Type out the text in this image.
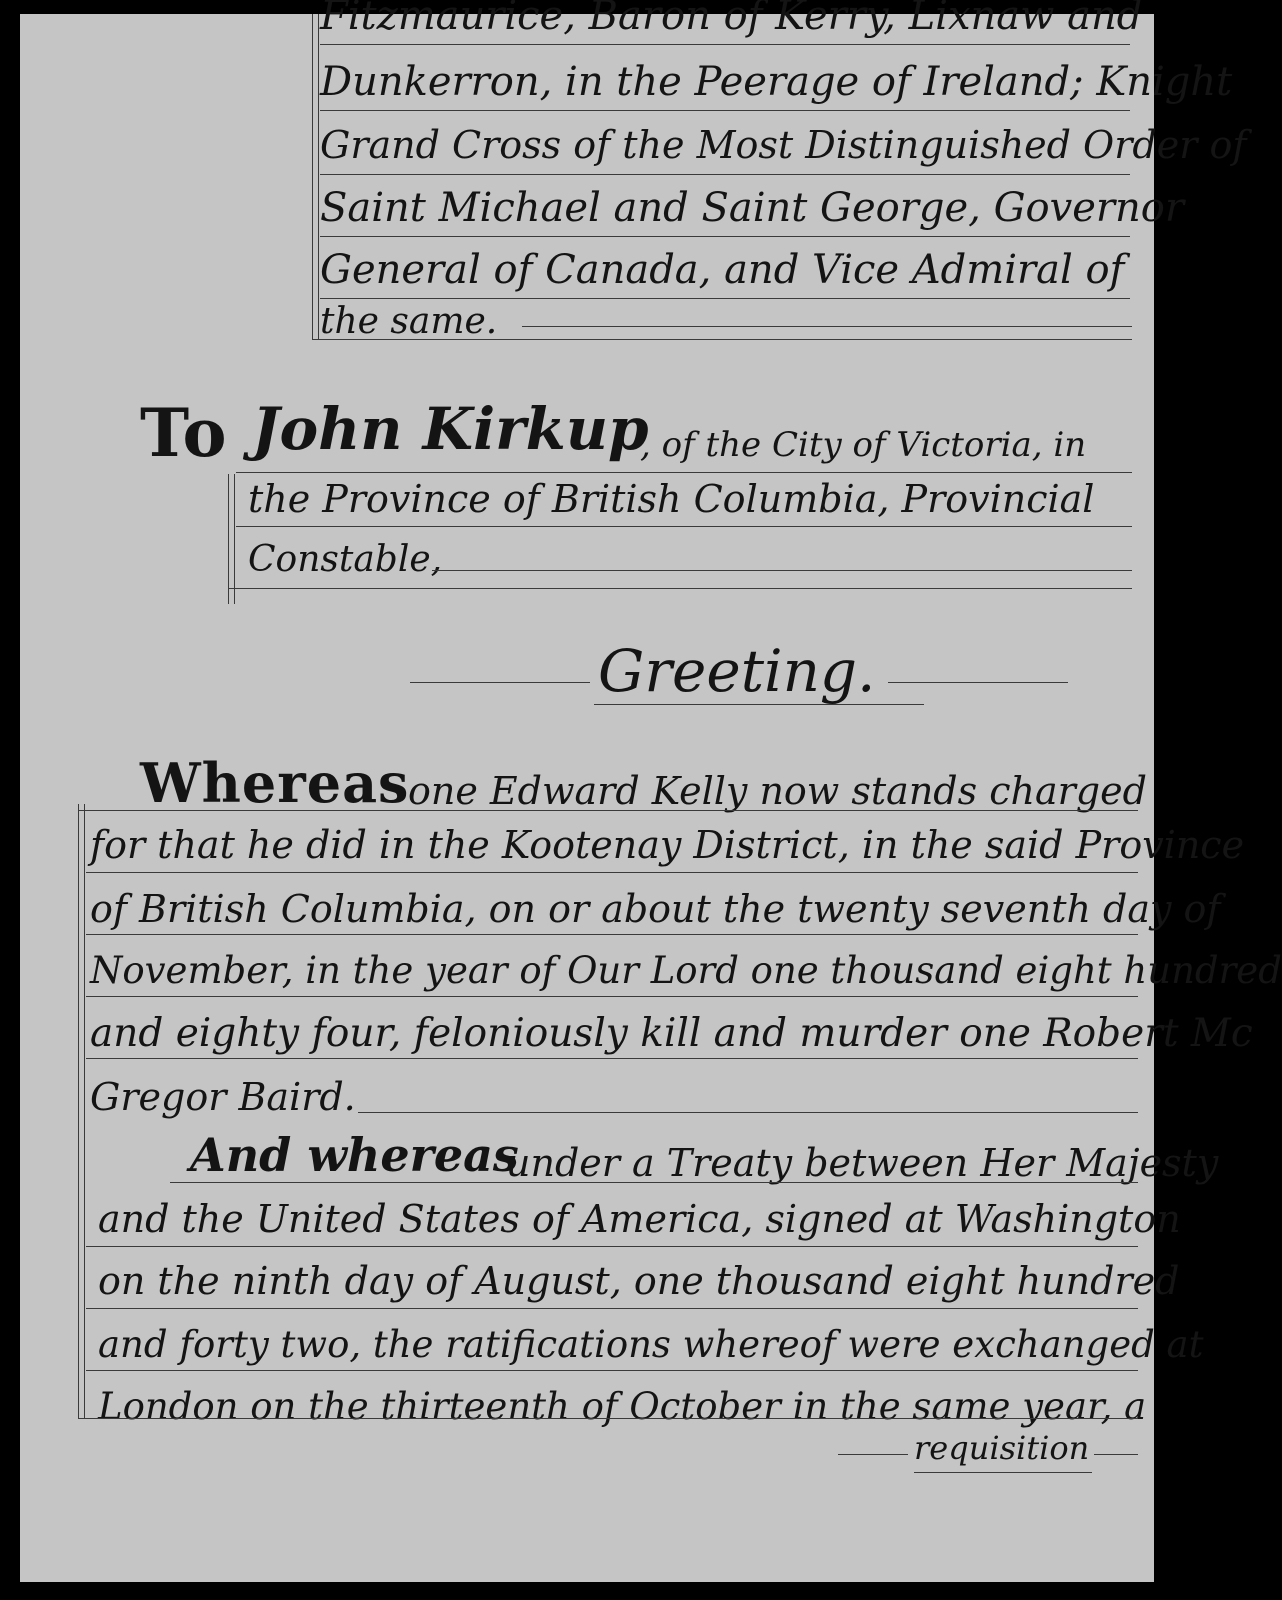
Fitzmaurice, Baron of Kerry, Lixnaw and
Dunkerron, in the Peerage of Ireland; Knight
Grand Cross of the Most Distinguished Order of
Saint Michael and Saint George, Governor
General of Canada, and Vice Admiral of
the same.
To John Kirkup
, of the City of Victoria, in
the Province of British Columbia, Provincial
Constable,
Greeting.
Whereas
one Edward Kelly now stands charged
for that he did in the Kootenay District, in the said Province
of British Columbia, on or about the twenty seventh day of
November, in the year of Our Lord one thousand eight hundred
and eighty four, feloniously kill and murder one Robert Mc
Gregor Baird.
And whereas
under a Treaty between Her Majesty
and the United States of America, signed at Washington
on the ninth day of August, one thousand eight hundred
and forty two, the ratifications whereof were exchanged at
London on the thirteenth of October in the same year, a
requisition
